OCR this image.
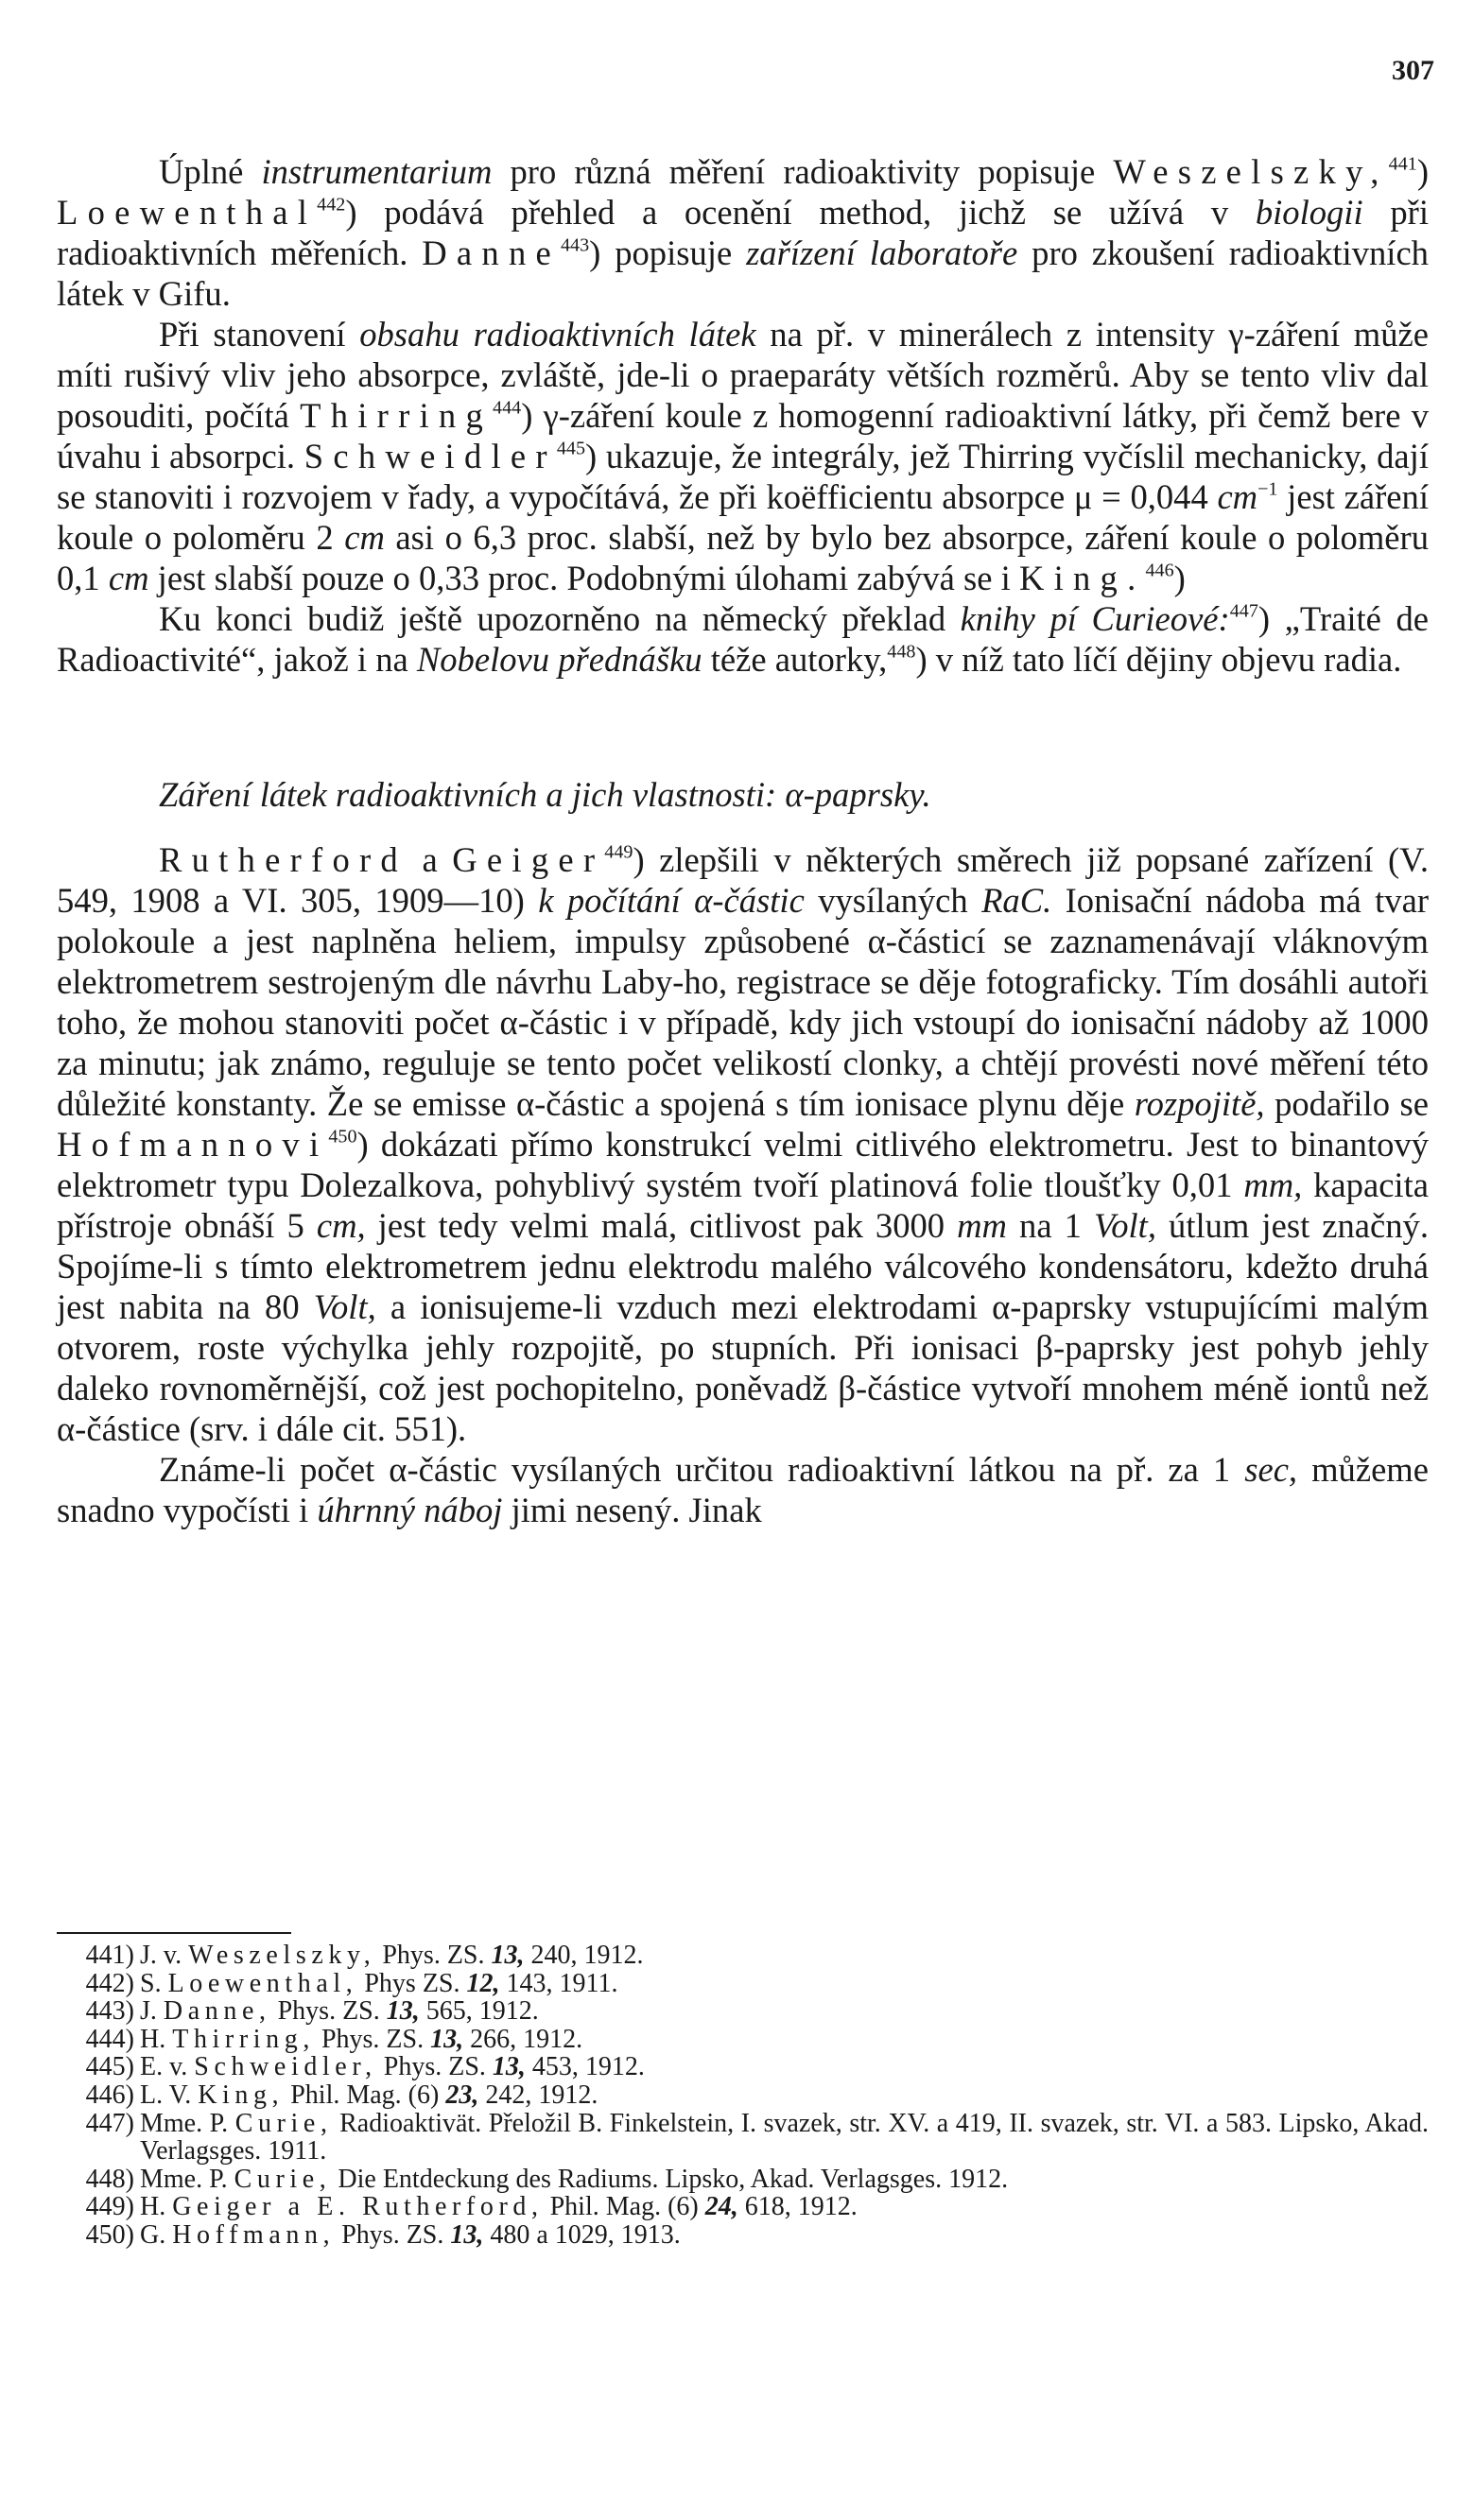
307

Úplné instrumentarium pro různá měření radioaktivity popisuje Weszelszky,$^{441}$) Loewenthal$^{442}$) podává přehled a ocenění method, jichž se užívá v biologii při radioaktivních měřeních. Danne$^{443}$) popisuje zařízení laboratoře pro zkoušení radioaktivních látek v Gifu.

Při stanovení obsahu radioaktivních látek na př. v minerálech z intensity γ-záření může míti rušivý vliv jeho absorpce, zvláště, jde-li o praeparáty větších rozměrů. Aby se tento vliv dal posouditi, počítá Thirring$^{444}$) γ-záření koule z homogenní radioaktivní látky, při čemž bere v úvahu i absorpci. Schweidler$^{445}$) ukazuje, že integrály, jež Thirring vyčíslil mechanicky, dají se stanoviti i rozvojem v řady, a vypočítává, že při koëfficientu absorpce μ = 0,044 $cm^{-1}$ jest záření koule o poloměru 2 cm asi o 6,3 proc. slabší, než by bylo bez absorpce, záření koule o poloměru 0,1 cm jest slabší pouze o 0,33 proc. Podobnými úlohami zabývá se i King.$^{446}$)

Ku konci budiž ještě upozorněno na německý překlad knihy pí Curieové:$^{447}$) „Traité de Radioactivité“, jakož i na Nobelovu přednášku téže autorky,$^{448}$) v níž tato líčí dějiny objevu radia.

Záření látek radioaktivních a jich vlastnosti: α-paprsky.

Rutherford a Geiger$^{449}$) zlepšili v některých směrech již popsané zařízení (V. 549, 1908 a VI. 305, 1909—10) k počítání α-částic vysílaných RaC. Ionisační nádoba má tvar polokoule a jest naplněna heliem, impulsy způsobené α-částicí se zaznamenávají vláknovým elektrometrem sestrojeným dle návrhu Laby-ho, registrace se děje fotograficky. Tím dosáhli autoři toho, že mohou stanoviti počet α-částic i v případě, kdy jich vstoupí do ionisační nádoby až 1000 za minutu; jak známo, reguluje se tento počet velikostí clonky, a chtějí provésti nové měření této důležité konstanty. Že se emisse α-částic a spojená s tím ionisace plynu děje rozpojitě, podařilo se Hofmannovi$^{450}$) dokázati přímo konstrukcí velmi citlivého elektrometru. Jest to binantový elektrometr typu Dolezalkova, pohyblivý systém tvoří platinová folie tloušťky 0,01 mm, kapacita přístroje obnáší 5 cm, jest tedy velmi malá, citlivost pak 3000 mm na 1 Volt, útlum jest značný. Spojíme-li s tímto elektrometrem jednu elektrodu malého válcového kondensátoru, kdežto druhá jest nabita na 80 Volt, a ionisujeme-li vzduch mezi elektrodami α-paprsky vstupujícími malým otvorem, roste výchylka jehly rozpojitě, po stupních. Při ionisaci β-paprsky jest pohyb jehly daleko rovnoměrnější, což jest pochopitelno, poněvadž β-částice vytvoří mnohem méně iontů než α-částice (srv. i dále cit. 551).

Známe-li počet α-částic vysílaných určitou radioaktivní látkou na př. za 1 sec, můžeme snadno vypočísti i úhrnný náboj jimi nesený. Jinak

441) J. v. Weszelszky, Phys. ZS. 13, 240, 1912.

442) S. Loewenthal, Phys ZS. 12, 143, 1911.

443) J. Danne, Phys. ZS. 13, 565, 1912.

444) H. Thirring, Phys. ZS. 13, 266, 1912.

445) E. v. Schweidler, Phys. ZS. 13, 453, 1912.

446) L. V. King, Phil. Mag. (6) 23, 242, 1912.

447) Mme. P. Curie, Radioaktivät. Přeložil B. Finkelstein, I. svazek, str. XV. a 419, II. svazek, str. VI. a 583. Lipsko, Akad. Verlagsges. 1911.

448) Mme. P. Curie, Die Entdeckung des Radiums. Lipsko, Akad. Verlagsges. 1912.

449) H. Geiger a E. Rutherford, Phil. Mag. (6) 24, 618, 1912.

450) G. Hoffmann, Phys. ZS. 13, 480 a 1029, 1913.
